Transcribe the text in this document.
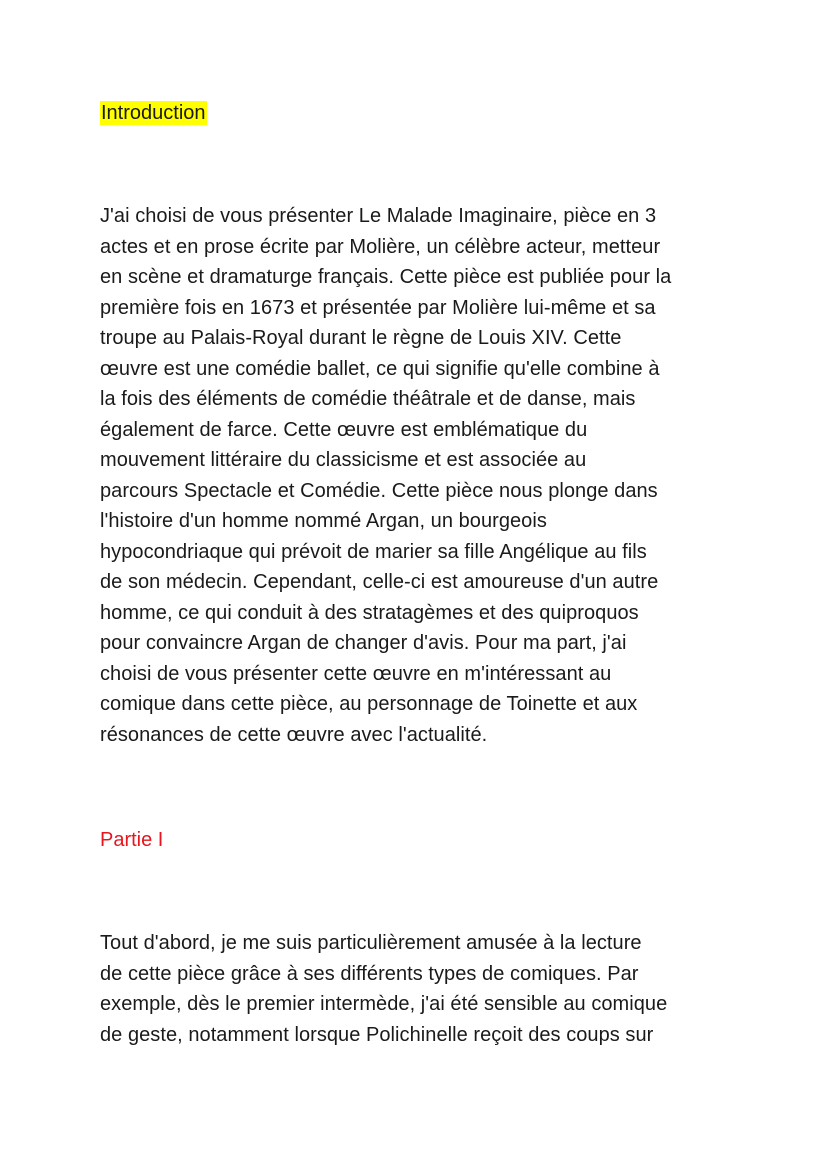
Introduction

J'ai choisi de vous présenter Le Malade Imaginaire, pièce en 3
actes et en prose écrite par Molière, un célèbre acteur, metteur
en scène et dramaturge français. Cette pièce est publiée pour la
première fois en 1673 et présentée par Molière lui-même et sa
troupe au Palais-Royal durant le règne de Louis XIV. Cette
œuvre est une comédie ballet, ce qui signifie qu'elle combine à
la fois des éléments de comédie théâtrale et de danse, mais
également de farce. Cette œuvre est emblématique du
mouvement littéraire du classicisme et est associée au
parcours Spectacle et Comédie. Cette pièce nous plonge dans
l'histoire d'un homme nommé Argan, un bourgeois
hypocondriaque qui prévoit de marier sa fille Angélique au fils
de son médecin. Cependant, celle-ci est amoureuse d'un autre
homme, ce qui conduit à des stratagèmes et des quiproquos
pour convaincre Argan de changer d'avis. Pour ma part, j'ai
choisi de vous présenter cette œuvre en m'intéressant au
comique dans cette pièce, au personnage de Toinette et aux
résonances de cette œuvre avec l'actualité.

Partie I

Tout d'abord, je me suis particulièrement amusée à la lecture
de cette pièce grâce à ses différents types de comiques. Par
exemple, dès le premier intermède, j'ai été sensible au comique
de geste, notamment lorsque Polichinelle reçoit des coups sur
